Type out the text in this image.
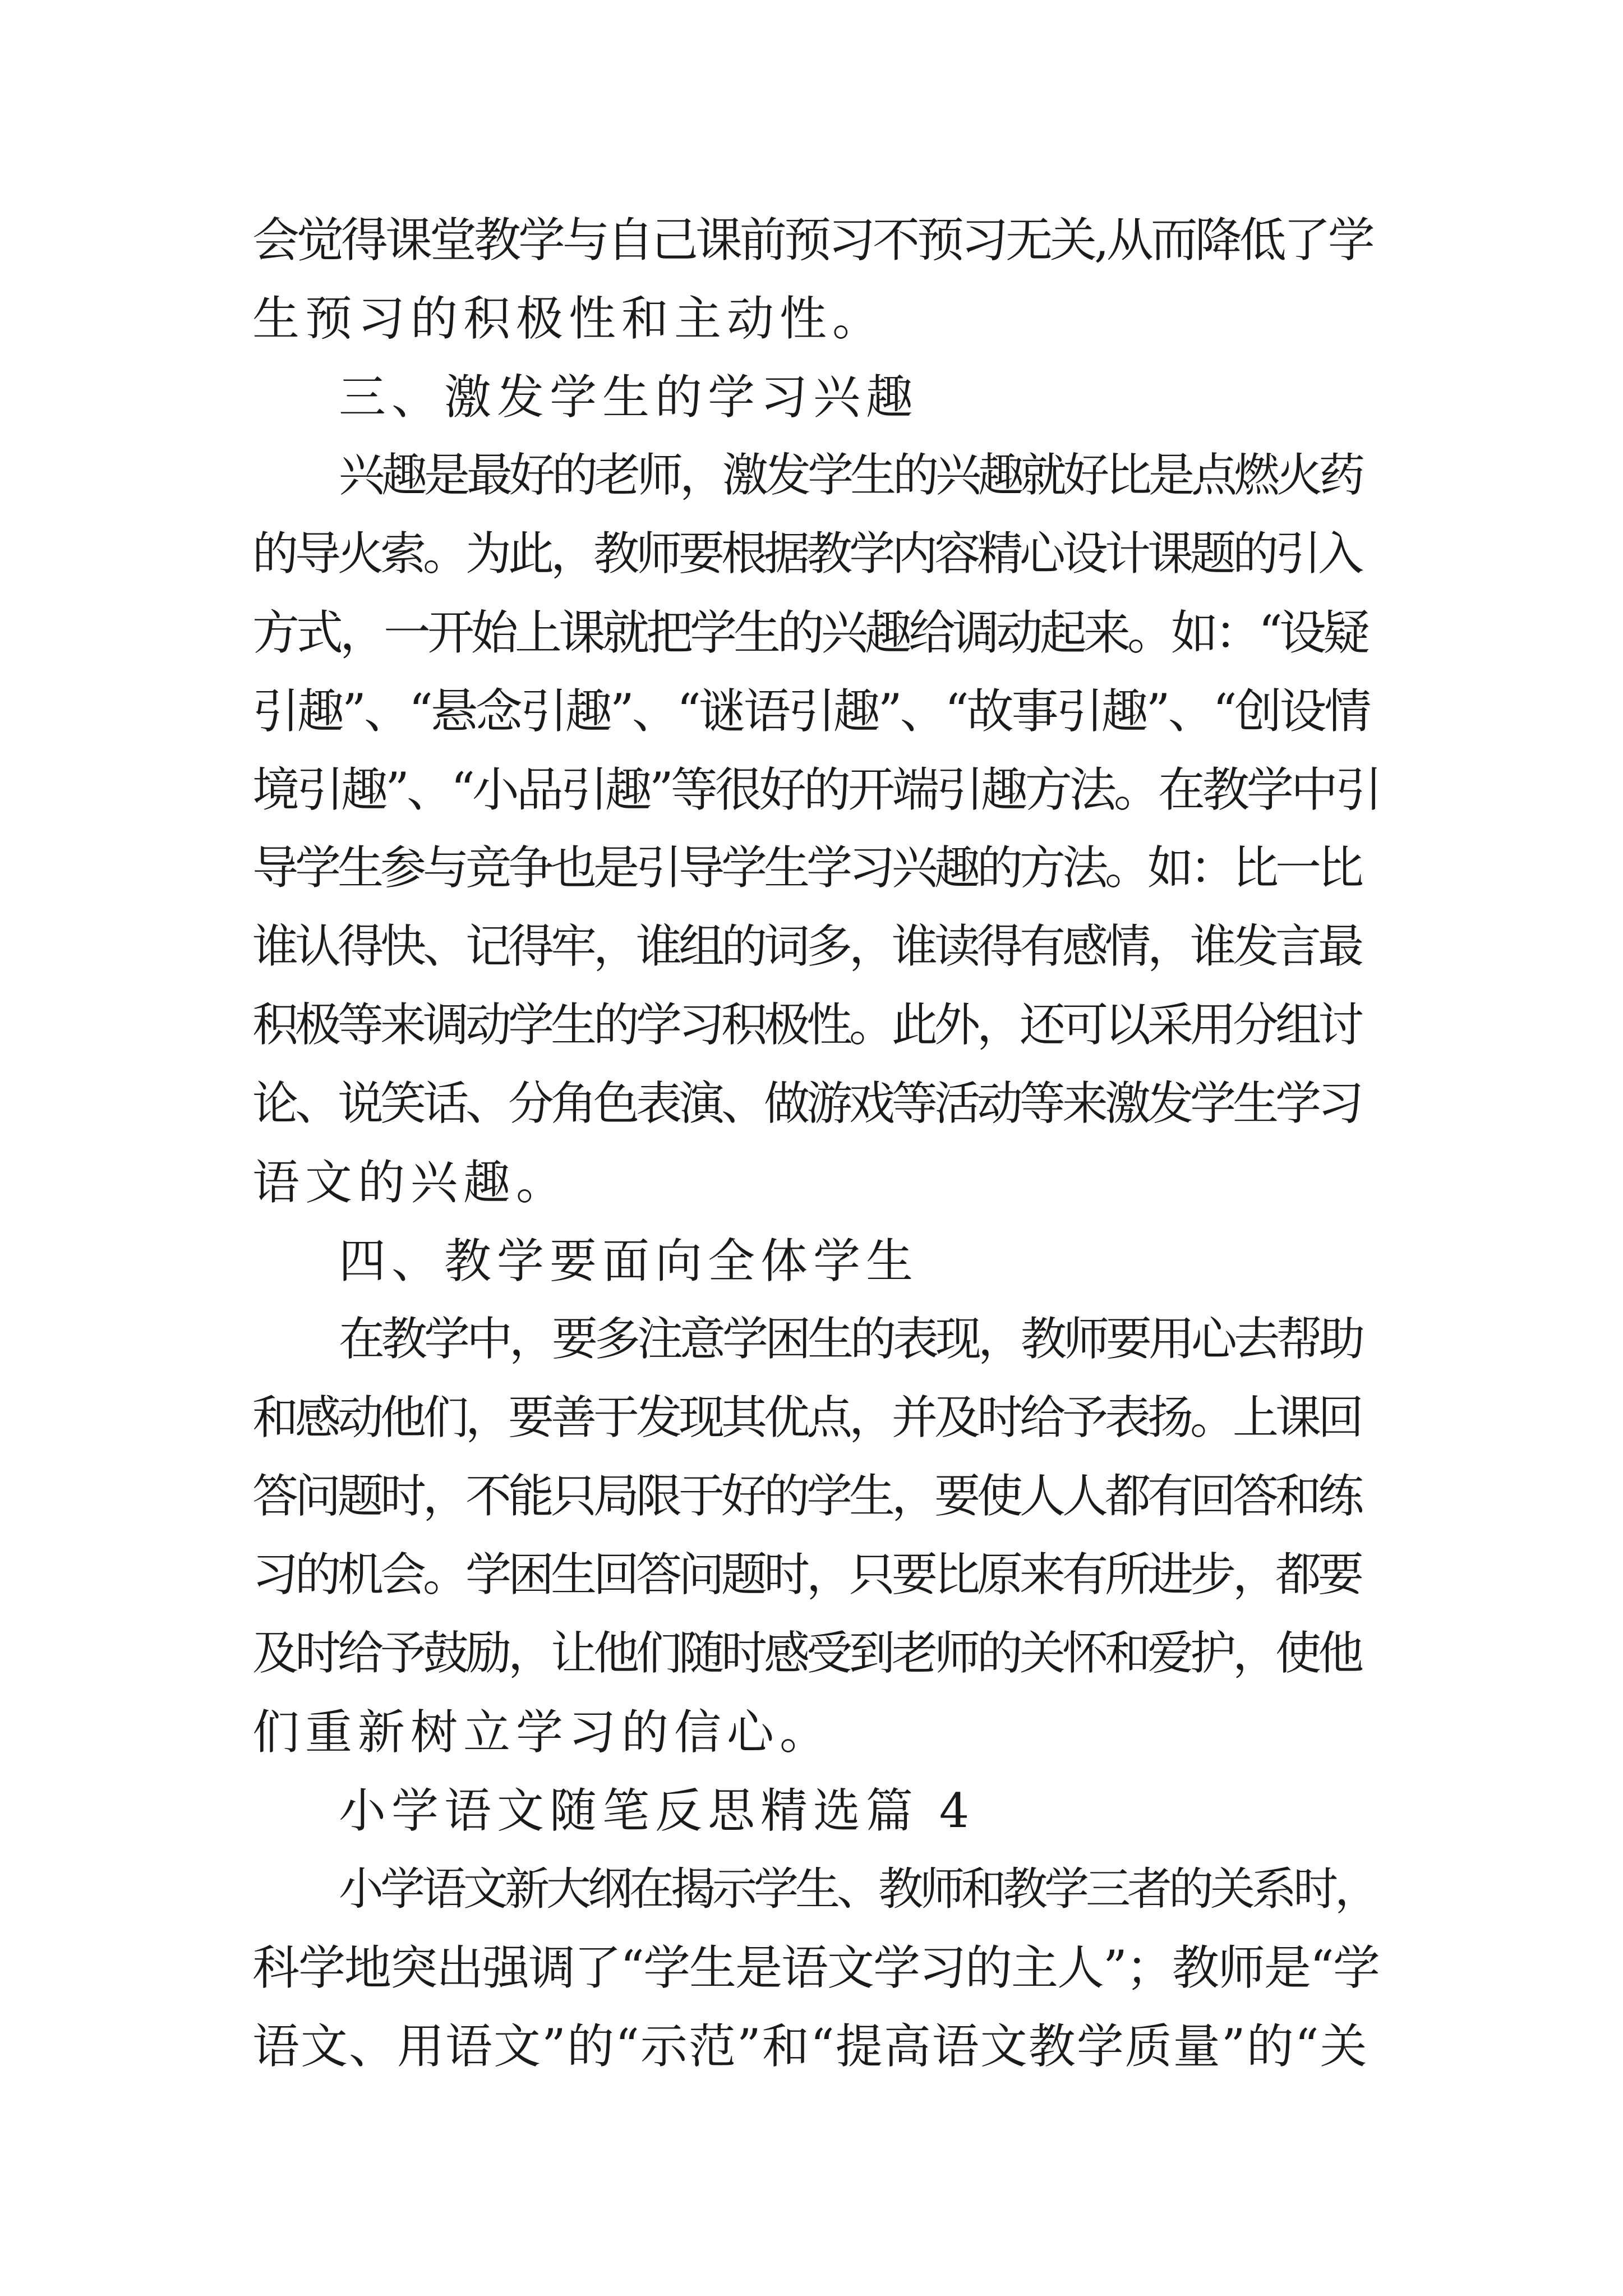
会觉得课堂教学与自己课前预习不预习无关,从而降低了学
生预习的积极性和主动性。
三、激发学生的学习兴趣
兴趣是最好的老师，激发学生的兴趣就好比是点燃火药
的导火索。为此，教师要根据教学内容精心设计课题的引入
方式，一开始上课就把学生的兴趣给调动起来。如：“设疑
引趣”、“悬念引趣”、“谜语引趣”、“故事引趣”、“创设情
境引趣”、“小品引趣”等很好的开端引趣方法。在教学中引
导学生参与竞争也是引导学生学习兴趣的方法。如：比一比
谁认得快、记得牢，谁组的词多，谁读得有感情，谁发言最
积极等来调动学生的学习积极性。此外，还可以采用分组讨
论、说笑话、分角色表演、做游戏等活动等来激发学生学习
语文的兴趣。
四、教学要面向全体学生
在教学中，要多注意学困生的表现，教师要用心去帮助
和感动他们，要善于发现其优点，并及时给予表扬。上课回
答问题时，不能只局限于好的学生，要使人人都有回答和练
习的机会。学困生回答问题时，只要比原来有所进步，都要
及时给予鼓励，让他们随时感受到老师的关怀和爱护，使他
们重新树立学习的信心。
小学语文随笔反思精选篇 4
小学语文新大纲在揭示学生、教师和教学三者的关系时，
科学地突出强调了“学生是语文学习的主人”；教师是“学
语文、用语文”的“示范”和“提高语文教学质量”的“关
